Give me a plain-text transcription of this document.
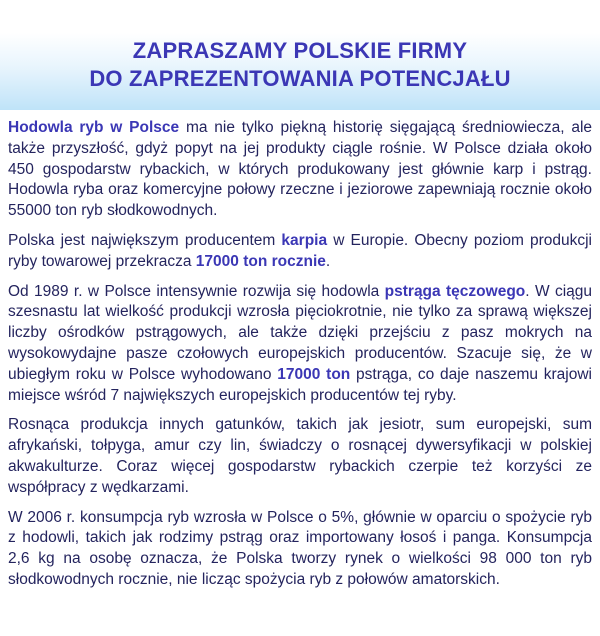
ZAPRASZAMY POLSKIE FIRMY
DO ZAPREZENTOWANIA POTENCJAŁU

Hodowla ryb w Polsce ma nie tylko piękną historię sięgającą średniowiecza, ale także przyszłość, gdyż popyt na jej produkty ciągle rośnie. W Polsce działa około 450 gospodarstw rybackich, w których produkowany jest głównie karp i pstrąg. Hodowla ryba oraz komercyjne połowy rzeczne i jeziorowe zapewniają rocznie około 55000 ton ryb słodkowodnych.

Polska jest największym producentem karpia w Europie. Obecny poziom produkcji ryby towarowej przekracza 17000 ton rocznie.

Od 1989 r. w Polsce intensywnie rozwija się hodowla pstrąga tęczowego. W ciągu szesnastu lat wielkość produkcji wzrosła pięciokrotnie, nie tylko za sprawą większej liczby ośrodków pstrągowych, ale także dzięki przejściu z pasz mokrych na wysokowydajne pasze czołowych europejskich producentów. Szacuje się, że w ubiegłym roku w Polsce wyhodowano 17000 ton pstrąga, co daje naszemu krajowi miejsce wśród 7 największych europejskich producentów tej ryby.

Rosnąca produkcja innych gatunków, takich jak jesiotr, sum europejski, sum afrykański, tołpyga, amur czy lin, świadczy o rosnącej dywersyfikacji w polskiej akwakulturze. Coraz więcej gospodarstw rybackich czerpie też korzyści ze współpracy z wędkarzami.

W 2006 r. konsumpcja ryb wzrosła w Polsce o 5%, głównie w oparciu o spożycie ryb z hodowli, takich jak rodzimy pstrąg oraz importowany łosoś i panga. Konsumpcja 2,6 kg na osobę oznacza, że Polska tworzy rynek o wielkości 98 000 ton ryb słodkowodnych rocznie, nie licząc spożycia ryb z połowów amatorskich.
